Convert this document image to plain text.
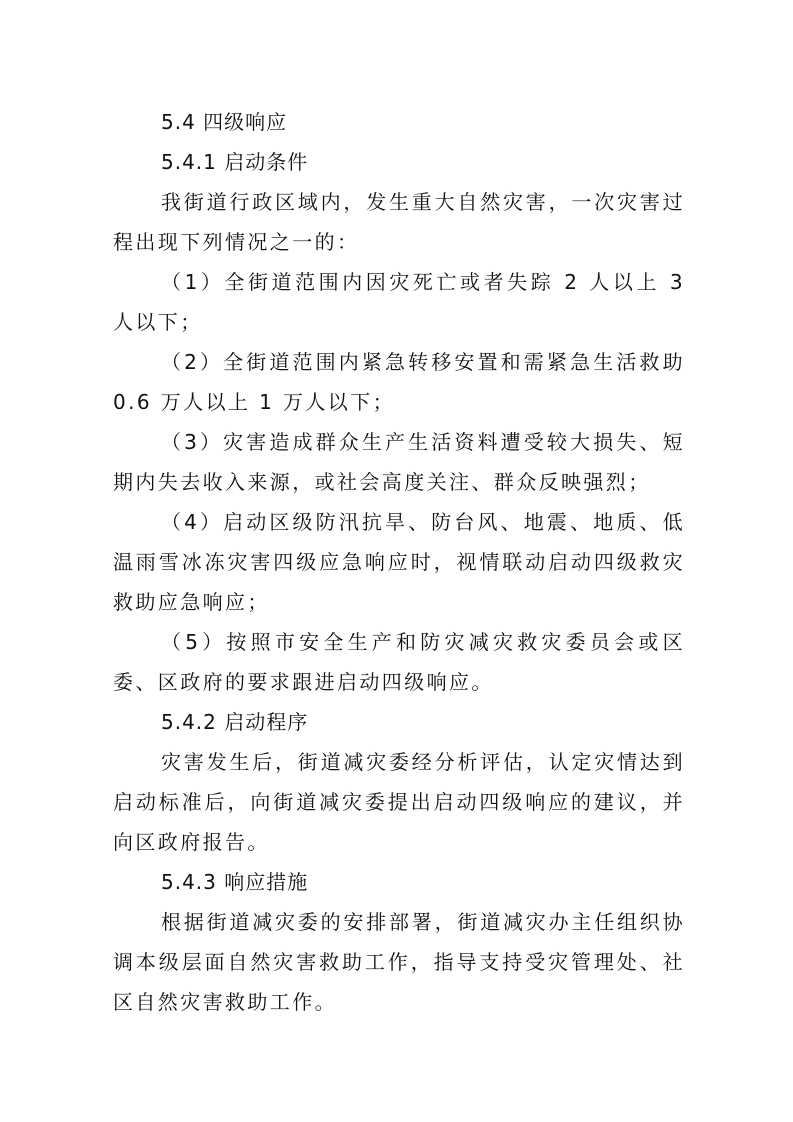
5.4 四级响应

5.4.1 启动条件

我街道行政区域内，发生重大自然灾害，一次灾害过程出现下列情况之一的：

（1）全街道范围内因灾死亡或者失踪 2 人以上 3 人以下；

（2）全街道范围内紧急转移安置和需紧急生活救助 0.6 万人以上 1 万人以下；

（3）灾害造成群众生产生活资料遭受较大损失、短期内失去收入来源，或社会高度关注、群众反映强烈；

（4）启动区级防汛抗旱、防台风、地震、地质、低温雨雪冰冻灾害四级应急响应时，视情联动启动四级救灾救助应急响应；

（5）按照市安全生产和防灾减灾救灾委员会或区委、区政府的要求跟进启动四级响应。

5.4.2 启动程序

灾害发生后，街道减灾委经分析评估，认定灾情达到启动标准后，向街道减灾委提出启动四级响应的建议，并向区政府报告。

5.4.3 响应措施

根据街道减灾委的安排部署，街道减灾办主任组织协调本级层面自然灾害救助工作，指导支持受灾管理处、社区自然灾害救助工作。
